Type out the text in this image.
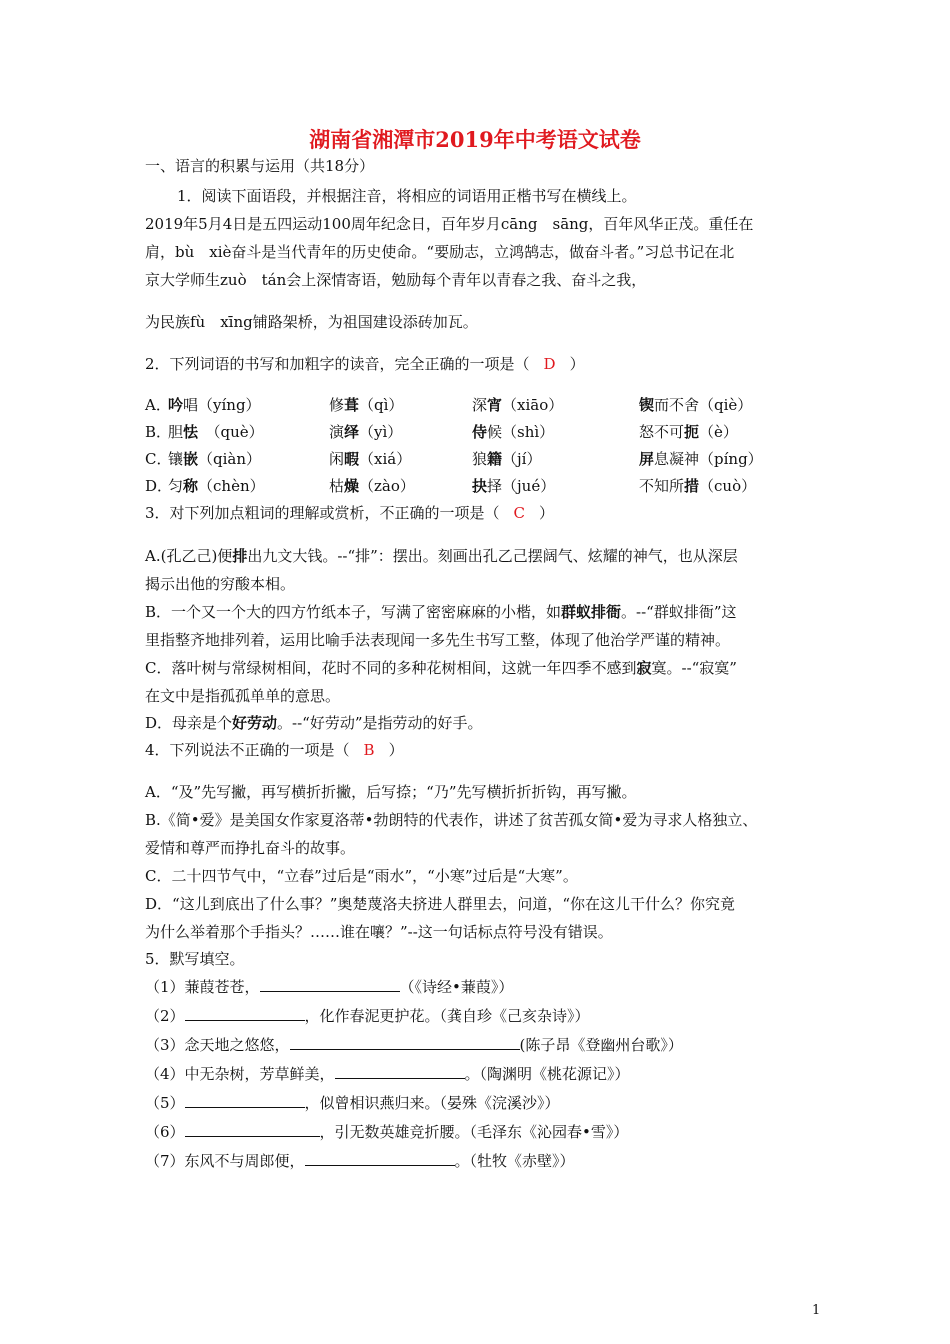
湖南省湘潭市2019年中考语文试卷
一、语言的积累与运用（共18分）
1．阅读下面语段，并根据注音，将相应的词语用正楷书写在横线上。
2019年5月4日是五四运动100周年纪念日，百年岁月cāng　sāng，百年风华正茂。重任在
肩，bù　xiè奋斗是当代青年的历史使命。“要励志，立鸿鹄志，做奋斗者。”习总书记在北
京大学师生zuò　tán会上深情寄语，勉励每个青年以青春之我、奋斗之我，
为民族fù　xīng铺路架桥，为祖国建设添砖加瓦。
2．下列词语的书写和加粗字的读音，完全正确的一项是（ D ）
A．
吟唱（yíng）	修葺（qì）	深宵（xiāo）	锲而不舍（qiè）
B．
胆怯　（què）	演绎（yì）	侍候（shì）	怒不可扼（è）
C．
镶嵌（qiàn）	闲暇（xiá）	狼籍（jí）	屏息凝神（píng）
D．
匀称（chèn）	枯燥（zào）	抉择（jué）	不知所措（cuò）
3．对下列加点粗词的理解或赏析，不正确的一项是（ C ）
A.(孔乙己)便排出九文大钱。--“排”：摆出。刻画出孔乙己摆阔气、炫耀的神气，也从深层
揭示出他的穷酸本相。
B．一个又一个大的四方竹纸本子，写满了密密麻麻的小楷，如群蚁排衙。--“群蚁排衙”这
里指整齐地排列着，运用比喻手法表现闻一多先生书写工整，体现了他治学严谨的精神。
C．落叶树与常绿树相间，花时不同的多种花树相间，这就一年四季不感到寂寞。--“寂寞”
在文中是指孤孤单单的意思。
D．母亲是个好劳动。--“好劳动”是指劳动的好手。
4．下列说法不正确的一项是（ B ）
A．“及”先写撇，再写横折折撇，后写捺；“乃”先写横折折折钩，再写撇。
B.《简•爱》是美国女作家夏洛蒂•勃朗特的代表作，讲述了贫苦孤女简•爱为寻求人格独立、
爱情和尊严而挣扎奋斗的故事。
C．二十四节气中，“立春”过后是“雨水”，“小寒”过后是“大寒”。
D．“这儿到底出了什么事？”奥楚蔑洛夫挤进人群里去，问道，“你在这儿干什么？你究竟
为什么举着那个手指头？……谁在嚷？”--这一句话标点符号没有错误。
5．默写填空。
（1）蒹葭苍苍，	（《诗经•蒹葭》）
（2）	，化作春泥更护花。（龚自珍《己亥杂诗》）
（3）念天地之悠悠，	(陈子昂《登幽州台歌》）
（4）中无杂树，芳草鲜美，	。（陶渊明《桃花源记》）
（5）	，似曾相识燕归来。（晏殊《浣溪沙》）
（6）	，引无数英雄竞折腰。（毛泽东《沁园春•雪》）
（7）东风不与周郎便，	。（牡牧《赤壁》）
1
